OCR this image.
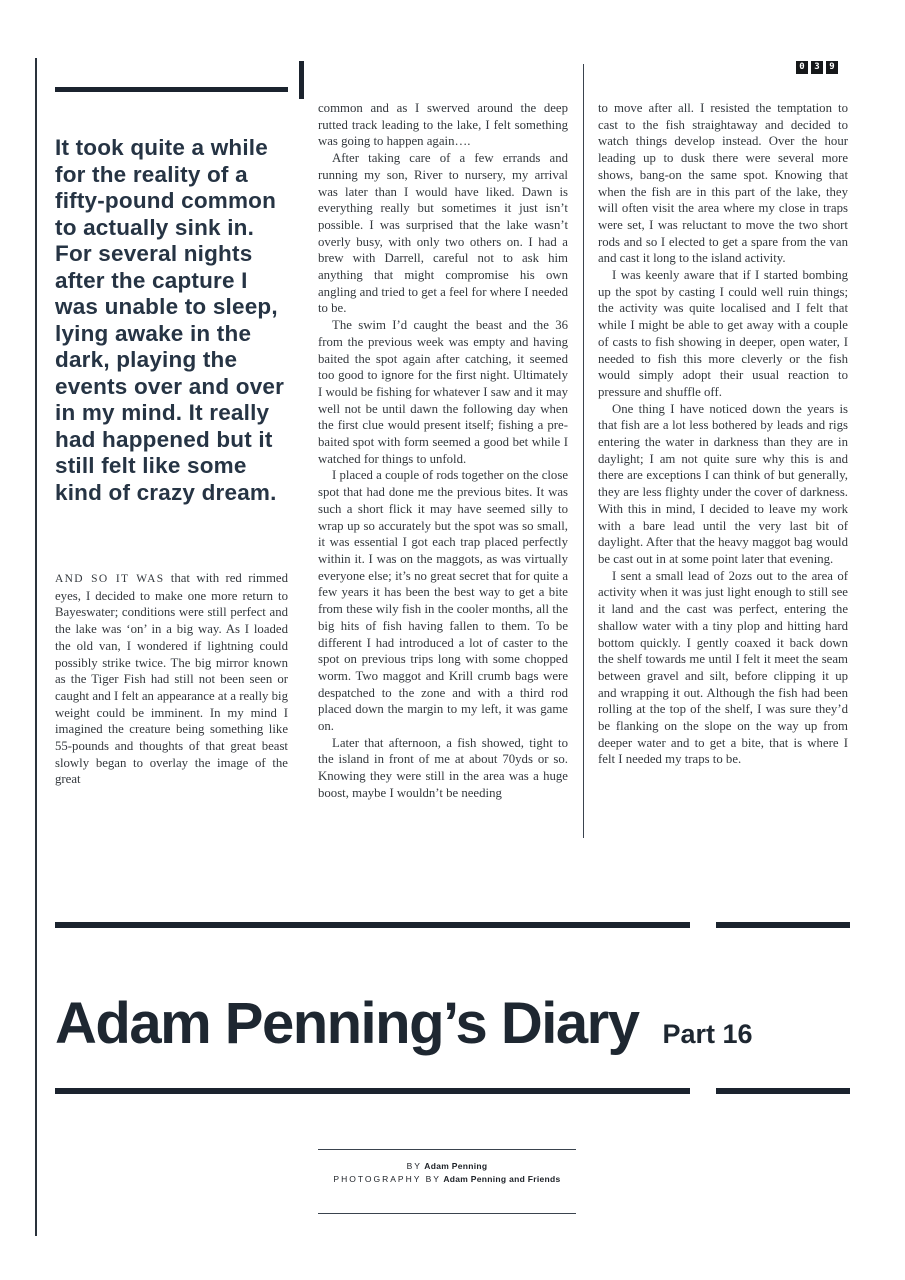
0	3	9

It took quite a while for the reality of a fifty-pound common to actually sink in. For several nights after the capture I was unable to sleep, lying awake in the dark, playing the events over and over in my mind. It really had happened but it still felt like some kind of crazy dream.

AND SO IT WAS that with red rimmed eyes, I decided to make one more return to Bayeswater; conditions were still perfect and the lake was ‘on’ in a big way. As I loaded the old van, I wondered if lightning could possibly strike twice. The big mirror known as the Tiger Fish had still not been seen or caught and I felt an appearance at a really big weight could be imminent. In my mind I imagined the creature being something like 55-pounds and thoughts of that great beast slowly began to overlay the image of the great

common and as I swerved around the deep rutted track leading to the lake, I felt something was going to happen again….

After taking care of a few errands and running my son, River to nursery, my arrival was later than I would have liked. Dawn is everything really but sometimes it just isn’t possible. I was surprised that the lake wasn’t overly busy, with only two others on. I had a brew with Darrell, careful not to ask him anything that might compromise his own angling and tried to get a feel for where I needed to be.

The swim I’d caught the beast and the 36 from the previous week was empty and having baited the spot again after catching, it seemed too good to ignore for the first night. Ultimately I would be fishing for whatever I saw and it may well not be until dawn the following day when the first clue would present itself; fishing a pre-baited spot with form seemed a good bet while I watched for things to unfold.

I placed a couple of rods together on the close spot that had done me the previous bites. It was such a short flick it may have seemed silly to wrap up so accurately but the spot was so small, it was essential I got each trap placed perfectly within it. I was on the maggots, as was virtually everyone else; it’s no great secret that for quite a few years it has been the best way to get a bite from these wily fish in the cooler months, all the big hits of fish having fallen to them. To be different I had introduced a lot of caster to the spot on previous trips long with some chopped worm. Two maggot and Krill crumb bags were despatched to the zone and with a third rod placed down the margin to my left, it was game on.

Later that afternoon, a fish showed, tight to the island in front of me at about 70yds or so. Knowing they were still in the area was a huge boost, maybe I wouldn’t be needing

to move after all. I resisted the temptation to cast to the fish straightaway and decided to watch things develop instead. Over the hour leading up to dusk there were several more shows, bang-on the same spot. Knowing that when the fish are in this part of the lake, they will often visit the area where my close in traps were set, I was reluctant to move the two short rods and so I elected to get a spare from the van and cast it long to the island activity.

I was keenly aware that if I started bombing up the spot by casting I could well ruin things; the activity was quite localised and I felt that while I might be able to get away with a couple of casts to fish showing in deeper, open water, I needed to fish this more cleverly or the fish would simply adopt their usual reaction to pressure and shuffle off.

One thing I have noticed down the years is that fish are a lot less bothered by leads and rigs entering the water in darkness than they are in daylight; I am not quite sure why this is and there are exceptions I can think of but generally, they are less flighty under the cover of darkness. With this in mind, I decided to leave my work with a bare lead until the very last bit of daylight. After that the heavy maggot bag would be cast out in at some point later that evening.

I sent a small lead of 2ozs out to the area of activity when it was just light enough to still see it land and the cast was perfect, entering the shallow water with a tiny plop and hitting hard bottom quickly. I gently coaxed it back down the shelf towards me until I felt it meet the seam between gravel and silt, before clipping it up and wrapping it out. Although the fish had been rolling at the top of the shelf, I was sure they’d be flanking on the slope on the way up from deeper water and to get a bite, that is where I felt I needed my traps to be.

Adam Penning’s Diary Part 16

BY Adam Penning

PHOTOGRAPHY BY Adam Penning and Friends
